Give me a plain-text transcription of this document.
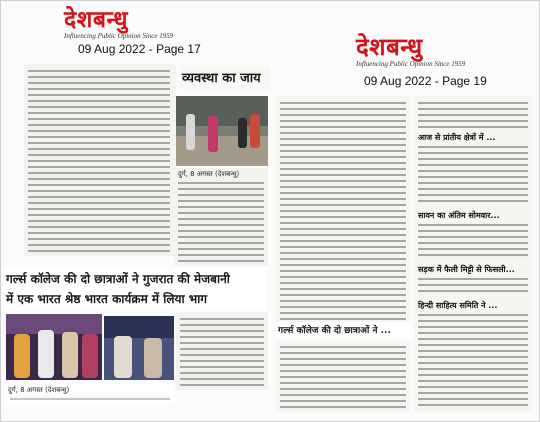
देशबन्धु
Influencing Public Opinion Since 1959
09 Aug 2022 - Page 17
व्यवस्था का जाय
दुर्ग, 8 अगस्त (देशबन्धु)
गर्ल्स कॉलेज की दो छात्राओं ने गुजरात की मेजबानी
में एक भारत श्रेष्ठ भारत कार्यक्रम में लिया भाग
दुर्ग, 8 अगस्त (देशबन्धु)
देशबन्धु
Influencing Public Opinion Since 1959
09 Aug 2022 - Page 19
गर्ल्स कॉलेज की दो छात्राओं ने ...
आज से प्रांतीय क्षेत्रों में ...
सावन का अंतिम सोमवार...
सड़क में फैली मिट्टी से फिसली...
हिन्दी साहित्य समिति ने ...
